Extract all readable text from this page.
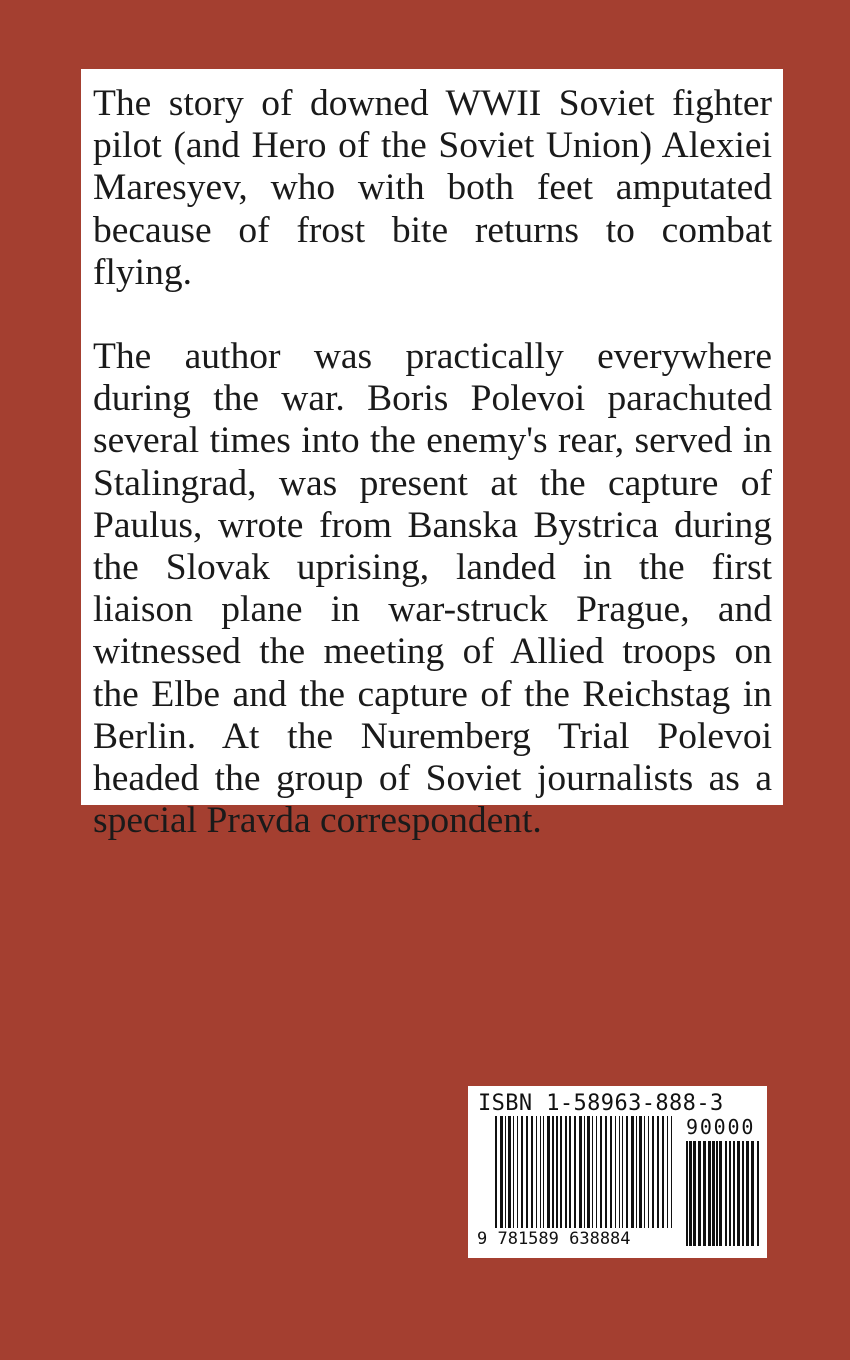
The story of downed WWII Soviet fighter pilot (and Hero of the Soviet Union) Alexiei Maresyev, who with both feet amputated because of frost bite returns to combat flying.

The author was practically everywhere during the war. Boris Polevoi parachuted several times into the enemy's rear, served in Stalingrad, was present at the capture of Paulus, wrote from Banska Bystrica during the Slovak uprising, landed in the first liaison plane in war-struck Prague, and witnessed the meeting of Allied troops on the Elbe and the capture of the Reichstag in Berlin. At the Nuremberg Trial Polevoi headed the group of Soviet journalists as a special Pravda correspondent.

ISBN 1-58963-888-3
90000
9 781589 638884
